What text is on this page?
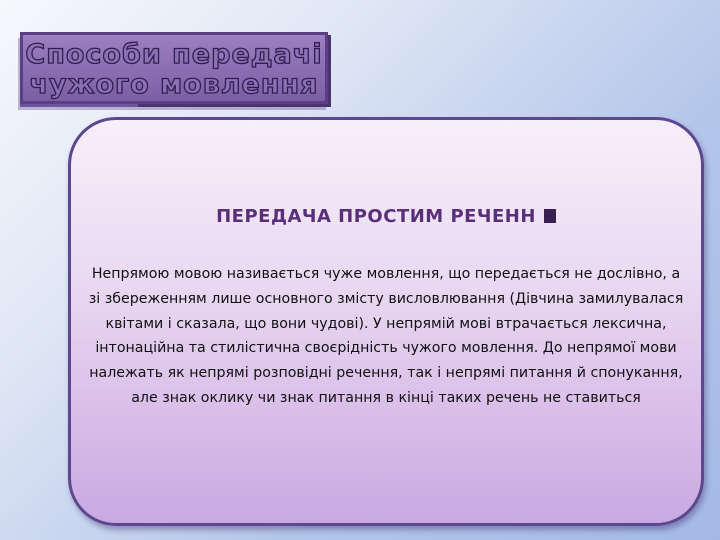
Способи передачі
чужого мовлення
ПЕРЕДАЧА ПРОСТИМ РЕЧЕНН

Непрямою мовою називається чуже мовлення, що передається не дослівно, а зі збереженням лише основного змісту висловлювання (Дівчина замилувалася квітами і сказала, що вони чудові). У непрямій мові втрачається лексична, інтонаційна та стилістична своєрідність чужого мовлення. До непрямої мови належать як непрямі розповідні речення, так і непрямі питання й спонукання, але знак оклику чи знак питання в кінці таких речень не ставиться
